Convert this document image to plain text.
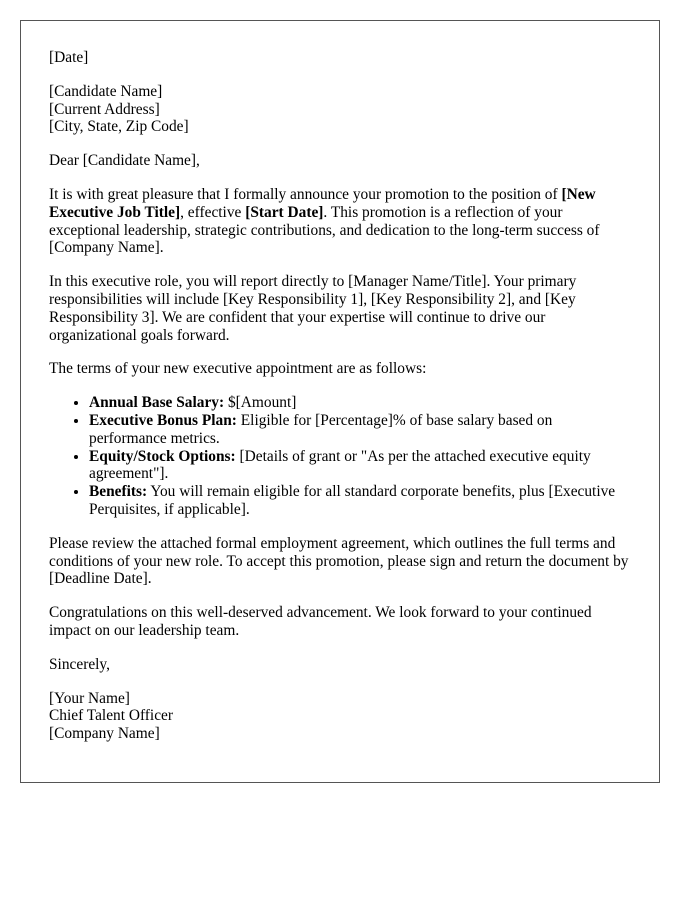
[Date]

[Candidate Name]
[Current Address]
[City, State, Zip Code]

Dear [Candidate Name],

It is with great pleasure that I formally announce your promotion to the position of [New Executive Job Title], effective [Start Date]. This promotion is a reflection of your exceptional leadership, strategic contributions, and dedication to the long-term success of [Company Name].

In this executive role, you will report directly to [Manager Name/Title]. Your primary responsibilities will include [Key Responsibility 1], [Key Responsibility 2], and [Key Responsibility 3]. We are confident that your expertise will continue to drive our organizational goals forward.

The terms of your new executive appointment are as follows:

• Annual Base Salary: $[Amount]
• Executive Bonus Plan: Eligible for [Percentage]% of base salary based on performance metrics.
• Equity/Stock Options: [Details of grant or "As per the attached executive equity agreement"].
• Benefits: You will remain eligible for all standard corporate benefits, plus [Executive Perquisites, if applicable].

Please review the attached formal employment agreement, which outlines the full terms and conditions of your new role. To accept this promotion, please sign and return the document by [Deadline Date].

Congratulations on this well-deserved advancement. We look forward to your continued impact on our leadership team.

Sincerely,

[Your Name]
Chief Talent Officer
[Company Name]
